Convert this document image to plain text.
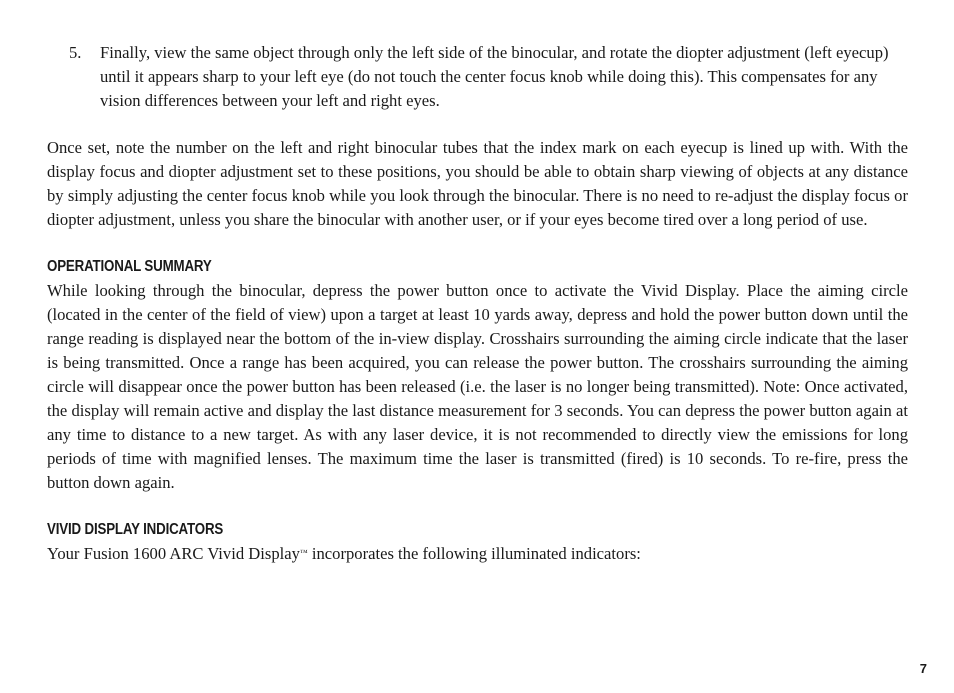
5.	Finally, view the same object through only the left side of the binocular, and rotate the diopter adjustment (left eyecup) until it appears sharp to your left eye (do not touch the center focus knob while doing this). This compensates for any vision differences between your left and right eyes.

Once set, note the number on the left and right binocular tubes that the index mark on each eyecup is lined up with. With the display focus and diopter adjustment set to these positions, you should be able to obtain sharp viewing of objects at any distance by simply adjusting the center focus knob while you look through the binocular. There is no need to re-adjust the display focus or diopter adjustment, unless you share the binocular with another user, or if your eyes become tired over a long period of use.

OPERATIONAL SUMMARY

While looking through the binocular, depress the power button once to activate the Vivid Display. Place the aiming circle (located in the center of the field of view) upon a target at least 10 yards away, depress and hold the power button down until the range reading is displayed near the bottom of the in-view display. Crosshairs surrounding the aiming circle indicate that the laser is being transmitted. Once a range has been acquired, you can release the power button. The crosshairs surrounding the aiming circle will disappear once the power button has been released (i.e. the laser is no longer being transmitted). Note: Once activated, the display will remain active and display the last distance measurement for 3 seconds. You can depress the power button again at any time to distance to a new target. As with any laser device, it is not recommended to directly view the emissions for long periods of time with magnified lenses. The maximum time the laser is transmitted (fired) is 10 seconds. To re-fire, press the button down again.

VIVID DISPLAY INDICATORS

Your Fusion 1600 ARC Vivid Display™ incorporates the following illuminated indicators:

7
